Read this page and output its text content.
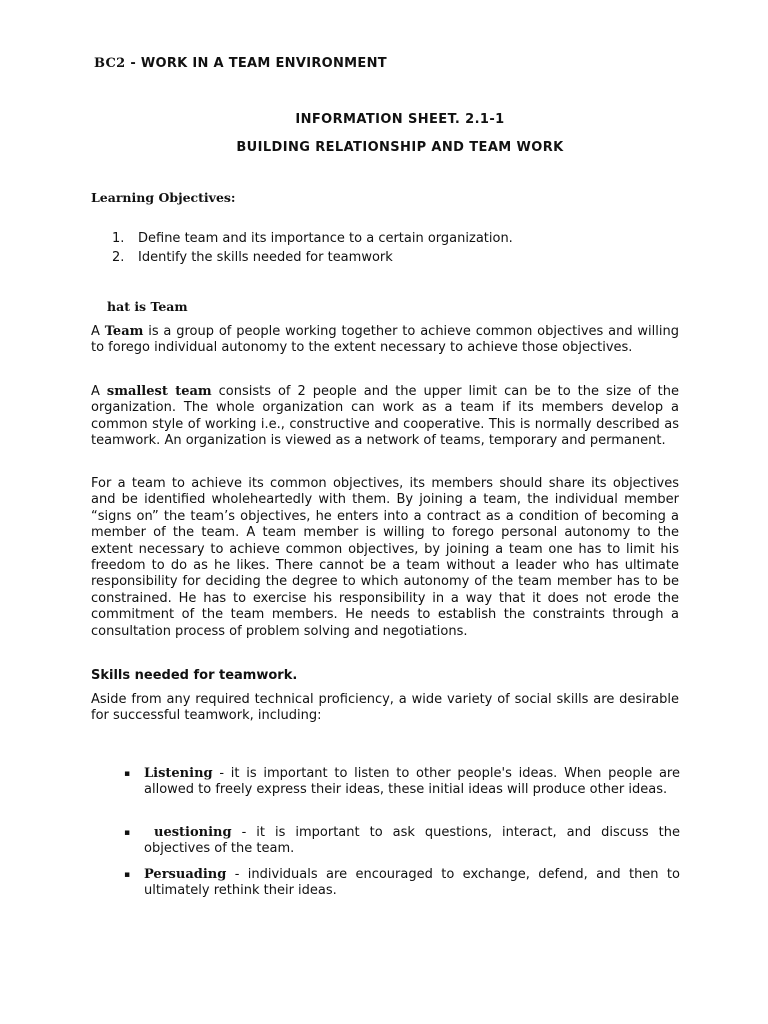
BC2 - WORK IN A TEAM ENVIRONMENT
INFORMATION SHEET. 2.1-1
BUILDING RELATIONSHIP AND TEAM WORK
Learning Objectives:
1.	Define team and its importance to a certain organization.
2.	Identify the skills needed for teamwork
hat is Team

A Team is a group of people working together to achieve common objectives and willing to forego individual autonomy to the extent necessary to achieve those objectives.

A smallest team consists of 2 people and the upper limit can be to the size of the organization. The whole organization can work as a team if its members develop a common style of working i.e., constructive and cooperative. This is normally described as teamwork. An organization is viewed as a network of teams, temporary and permanent.

For a team to achieve its common objectives, its members should share its objectives and be identified wholeheartedly with them. By joining a team, the individual member “signs on” the team’s objectives, he enters into a contract as a condition of becoming a member of the team. A team member is willing to forego personal autonomy to the extent necessary to achieve common objectives, by joining a team one has to limit his freedom to do as he likes. There cannot be a team without a leader who has ultimate responsibility for deciding the degree to which autonomy of the team member has to be constrained. He has to exercise his responsibility in a way that it does not erode the commitment of the team members. He needs to establish the constraints through a consultation process of problem solving and negotiations.

Skills needed for teamwork.

Aside from any required technical proficiency, a wide variety of social skills are desirable for successful teamwork, including:

▪	Listening - it is important to listen to other people's ideas. When people are allowed to freely express their ideas, these initial ideas will produce other ideas.
▪	uestioning - it is important to ask questions, interact, and discuss the objectives of the team.
▪	Persuading - individuals are encouraged to exchange, defend, and then to ultimately rethink their ideas.
